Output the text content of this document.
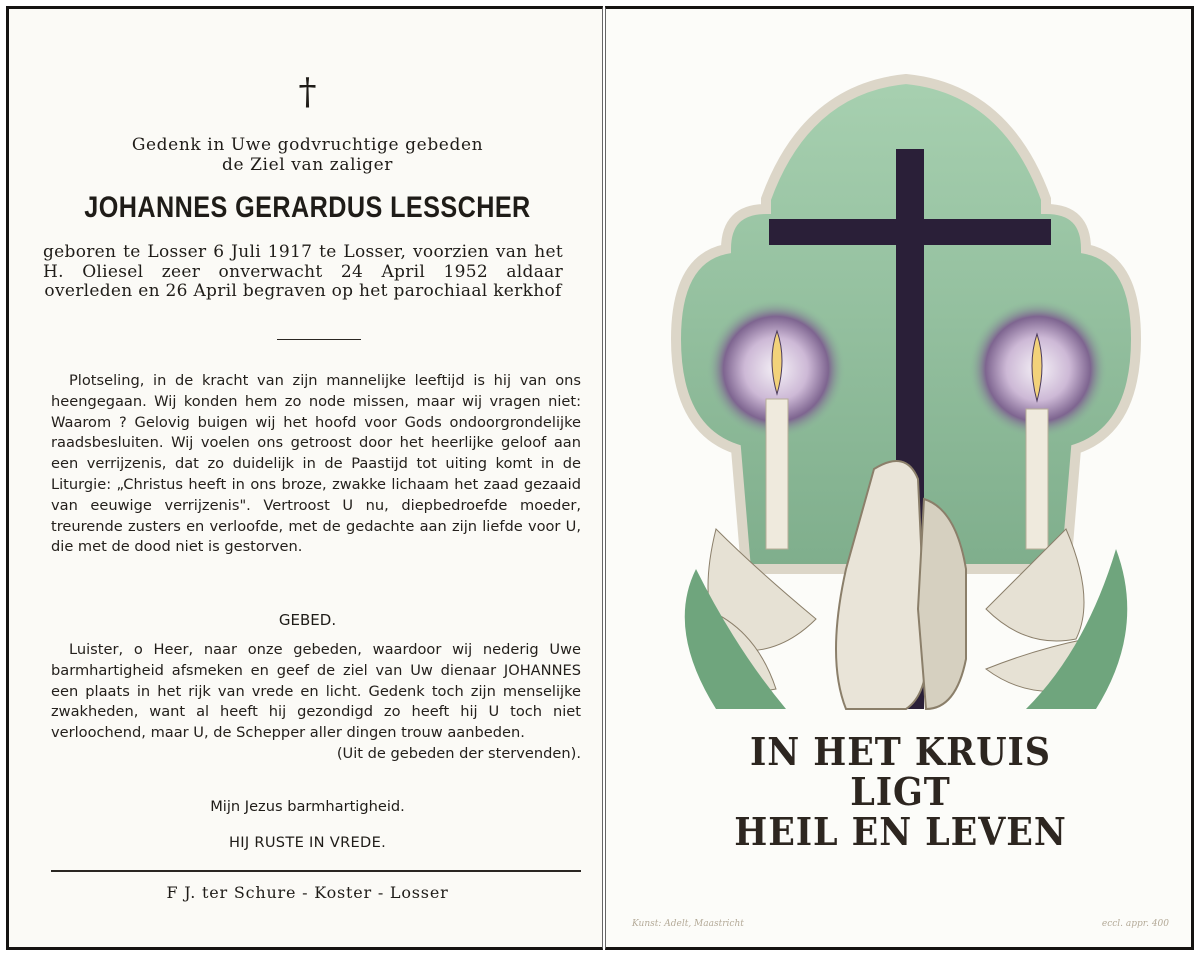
†
Gedenk in Uwe godvruchtige gebeden
de Ziel van zaliger
JOHANNES GERARDUS LESSCHER
geboren te Losser 6 Juli 1917 te Losser, voorzien van het H. Oliesel zeer onverwacht 24 April 1952 aldaar overleden en 26 April begraven op het parochiaal kerkhof
Plotseling, in de kracht van zijn mannelijke leeftijd is hij van ons heengegaan. Wij konden hem zo node missen, maar wij vragen niet: Waarom ? Gelovig buigen wij het hoofd voor Gods ondoorgrondelijke raadsbesluiten. Wij voelen ons getroost door het heerlijke geloof aan een verrijzenis, dat zo duidelijk in de Paastijd tot uiting komt in de Liturgie: „Christus heeft in ons broze, zwakke lichaam het zaad gezaaid van eeuwige verrijzenis". Vertroost U nu, diepbedroefde moeder, treurende zusters en verloofde, met de gedachte aan zijn liefde voor U, die met de dood niet is gestorven.
GEBED.
Luister, o Heer, naar onze gebeden, waardoor wij nederig Uwe barmhartigheid afsmeken en geef de ziel van Uw dienaar JOHANNES een plaats in het rijk van vrede en licht. Gedenk toch zijn menselijke zwakheden, want al heeft hij gezondigd zo heeft hij U toch niet verloochend, maar U, de Schepper aller dingen trouw aanbeden.
(Uit de gebeden der stervenden).
Mijn Jezus barmhartigheid.
HIJ RUSTE IN VREDE.
F J. ter Schure - Koster - Losser
IN HET KRUIS
LIGT
HEIL EN LEVEN
Kunst: Adelt, Maastricht	eccl. appr. 400
